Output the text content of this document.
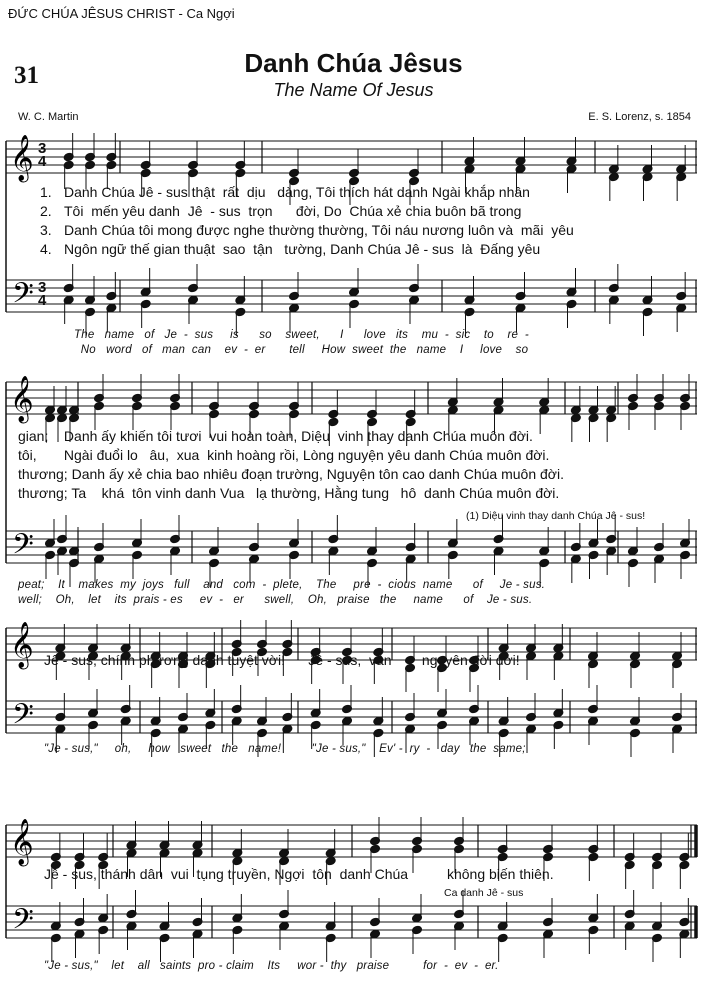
ĐỨC CHÚA JÊSUS CHRIST - Ca Ngợi
31	Danh Chúa Jêsus
The Name Of Jesus
W. C. Martin	E. S. Lorenz, s. 1854
𝄞
𝄢
𝄞
𝄢
𝄞
𝄢
𝄞
𝄢
3
4
3
4
1. Danh Chúa Jê - sus thật  rất  dịu   dàng, Tôi thích hát danh Ngài khắp nhân
2. Tôi  mến yêu danh  Jê  - sus  trọn      đời, Do  Chúa xẻ chia buôn bã trong
3. Danh Chúa tôi mong được nghe thường thường, Tôi náu nương luôn và  mãi  yêu
4. Ngôn ngữ thế gian thuật  sao  tận   tường, Danh Chúa Jê - sus  là  Đấng yêu
The   name   of   Je  -  sus     is      so    sweet,      I      love   its    mu  -  sic    to    re  -
No   word   of   man  can    ev  -  er       tell     How  sweet  the   name    I     love    so
gian;    Danh ấy khiến tôi tươi  vui hoàn toàn, Diệu  vinh thay danh Chúa muôn đời.
tôi,       Ngài đuổi lo   âu,  xua  kinh hoàng rồi, Lòng nguyện yêu danh Chúa muôn đời.
thương; Danh ấy xẻ chia bao nhiêu đoạn trường, Nguyện tôn cao danh Chúa muôn đời.
thương; Ta    khá  tôn vinh danh Vua   lạ thường, Hằng tung   hô  danh Chúa muôn đời.
(1) Diệu vinh thay danh Chúa Jê - sus!
peat;    It    makes  my  joys   full    and   com  -  plete,    The     pre  -  cious  name      of     Je - sus.
well;    Oh,    let    its  prais - es     ev  -   er      swell,    Oh,   praise   the     name      of    Je - sus.
Jê - sus, chính phương danh tuyệt vời!      Jê - sus,  vẫn    y  nguyên đời đời!
"Je - sus,"     oh,     how   sweet   the   name!         "Je - sus,"    Ev' -  ry  -   day   the  same;
Jê - sus, thánh dân  vui  tụng truyền, Ngợi  tôn  danh Chúa          không biến thiên.
Ca danh Jê - sus
"Je - sus,"    let    all   saints  pro - claim    Its     wor -  thy   praise          for  -  ev  -  er.
